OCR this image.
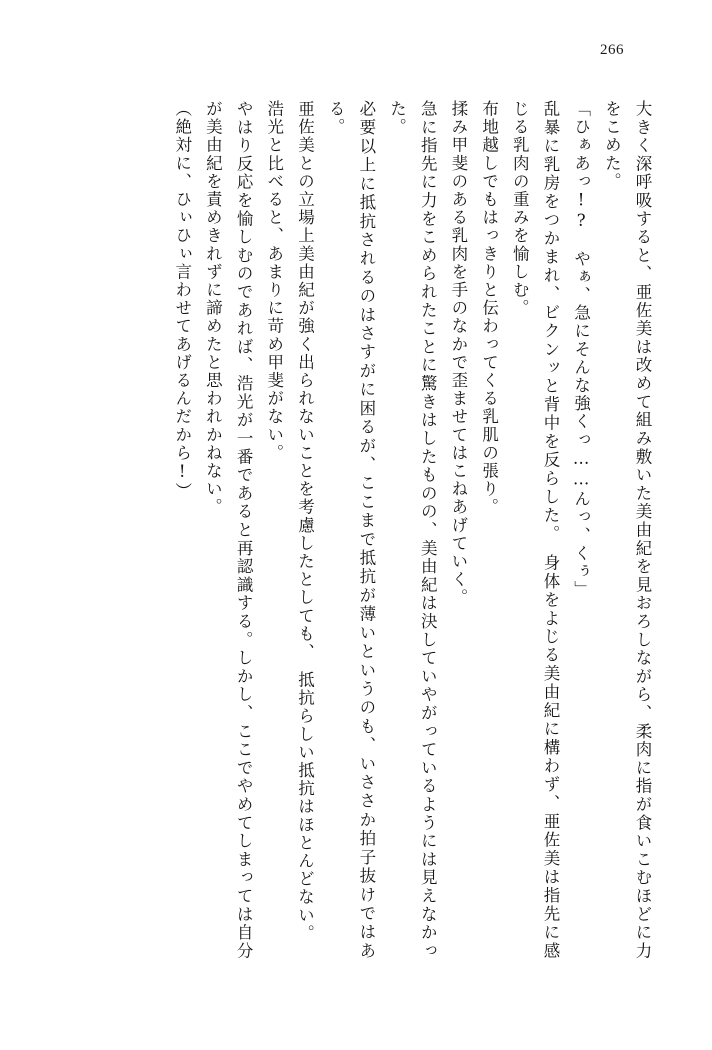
266

大きく深呼吸すると、亜佐美は改めて組み敷いた美由紀を見おろしながら、柔肉に指が食いこむほどに力をこめた。

「ひぁあっ!?　やぁ、急にそんな強くっ……んっ、くぅ」

乱暴に乳房をつかまれ、ビクンッと背中を反らした。　身体をよじる美由紀に構わず、亜佐美は指先に感じる乳肉の重みを愉しむ。

布地越しでもはっきりと伝わってくる乳肌の張り。

揉み甲斐のある乳肉を手のなかで歪ませてはこねあげていく。

急に指先に力をこめられたことに驚きはしたものの、美由紀は決していやがっているようには見えなかった。

必要以上に抵抗されるのはさすがに困るが、ここまで抵抗が薄いというのも、いささか拍子抜けではある。

亜佐美との立場上美由紀が強く出られないことを考慮したとしても、　抵抗らしい抵抗はほとんどない。

浩光と比べると、あまりに苛め甲斐がない。

やはり反応を愉しむのであれば、浩光が一番であると再認識する。しかし、ここでやめてしまっては自分が美由紀を責めきれずに諦めたと思われかねない。

（絶対に、ひぃひぃ言わせてあげるんだから!）
